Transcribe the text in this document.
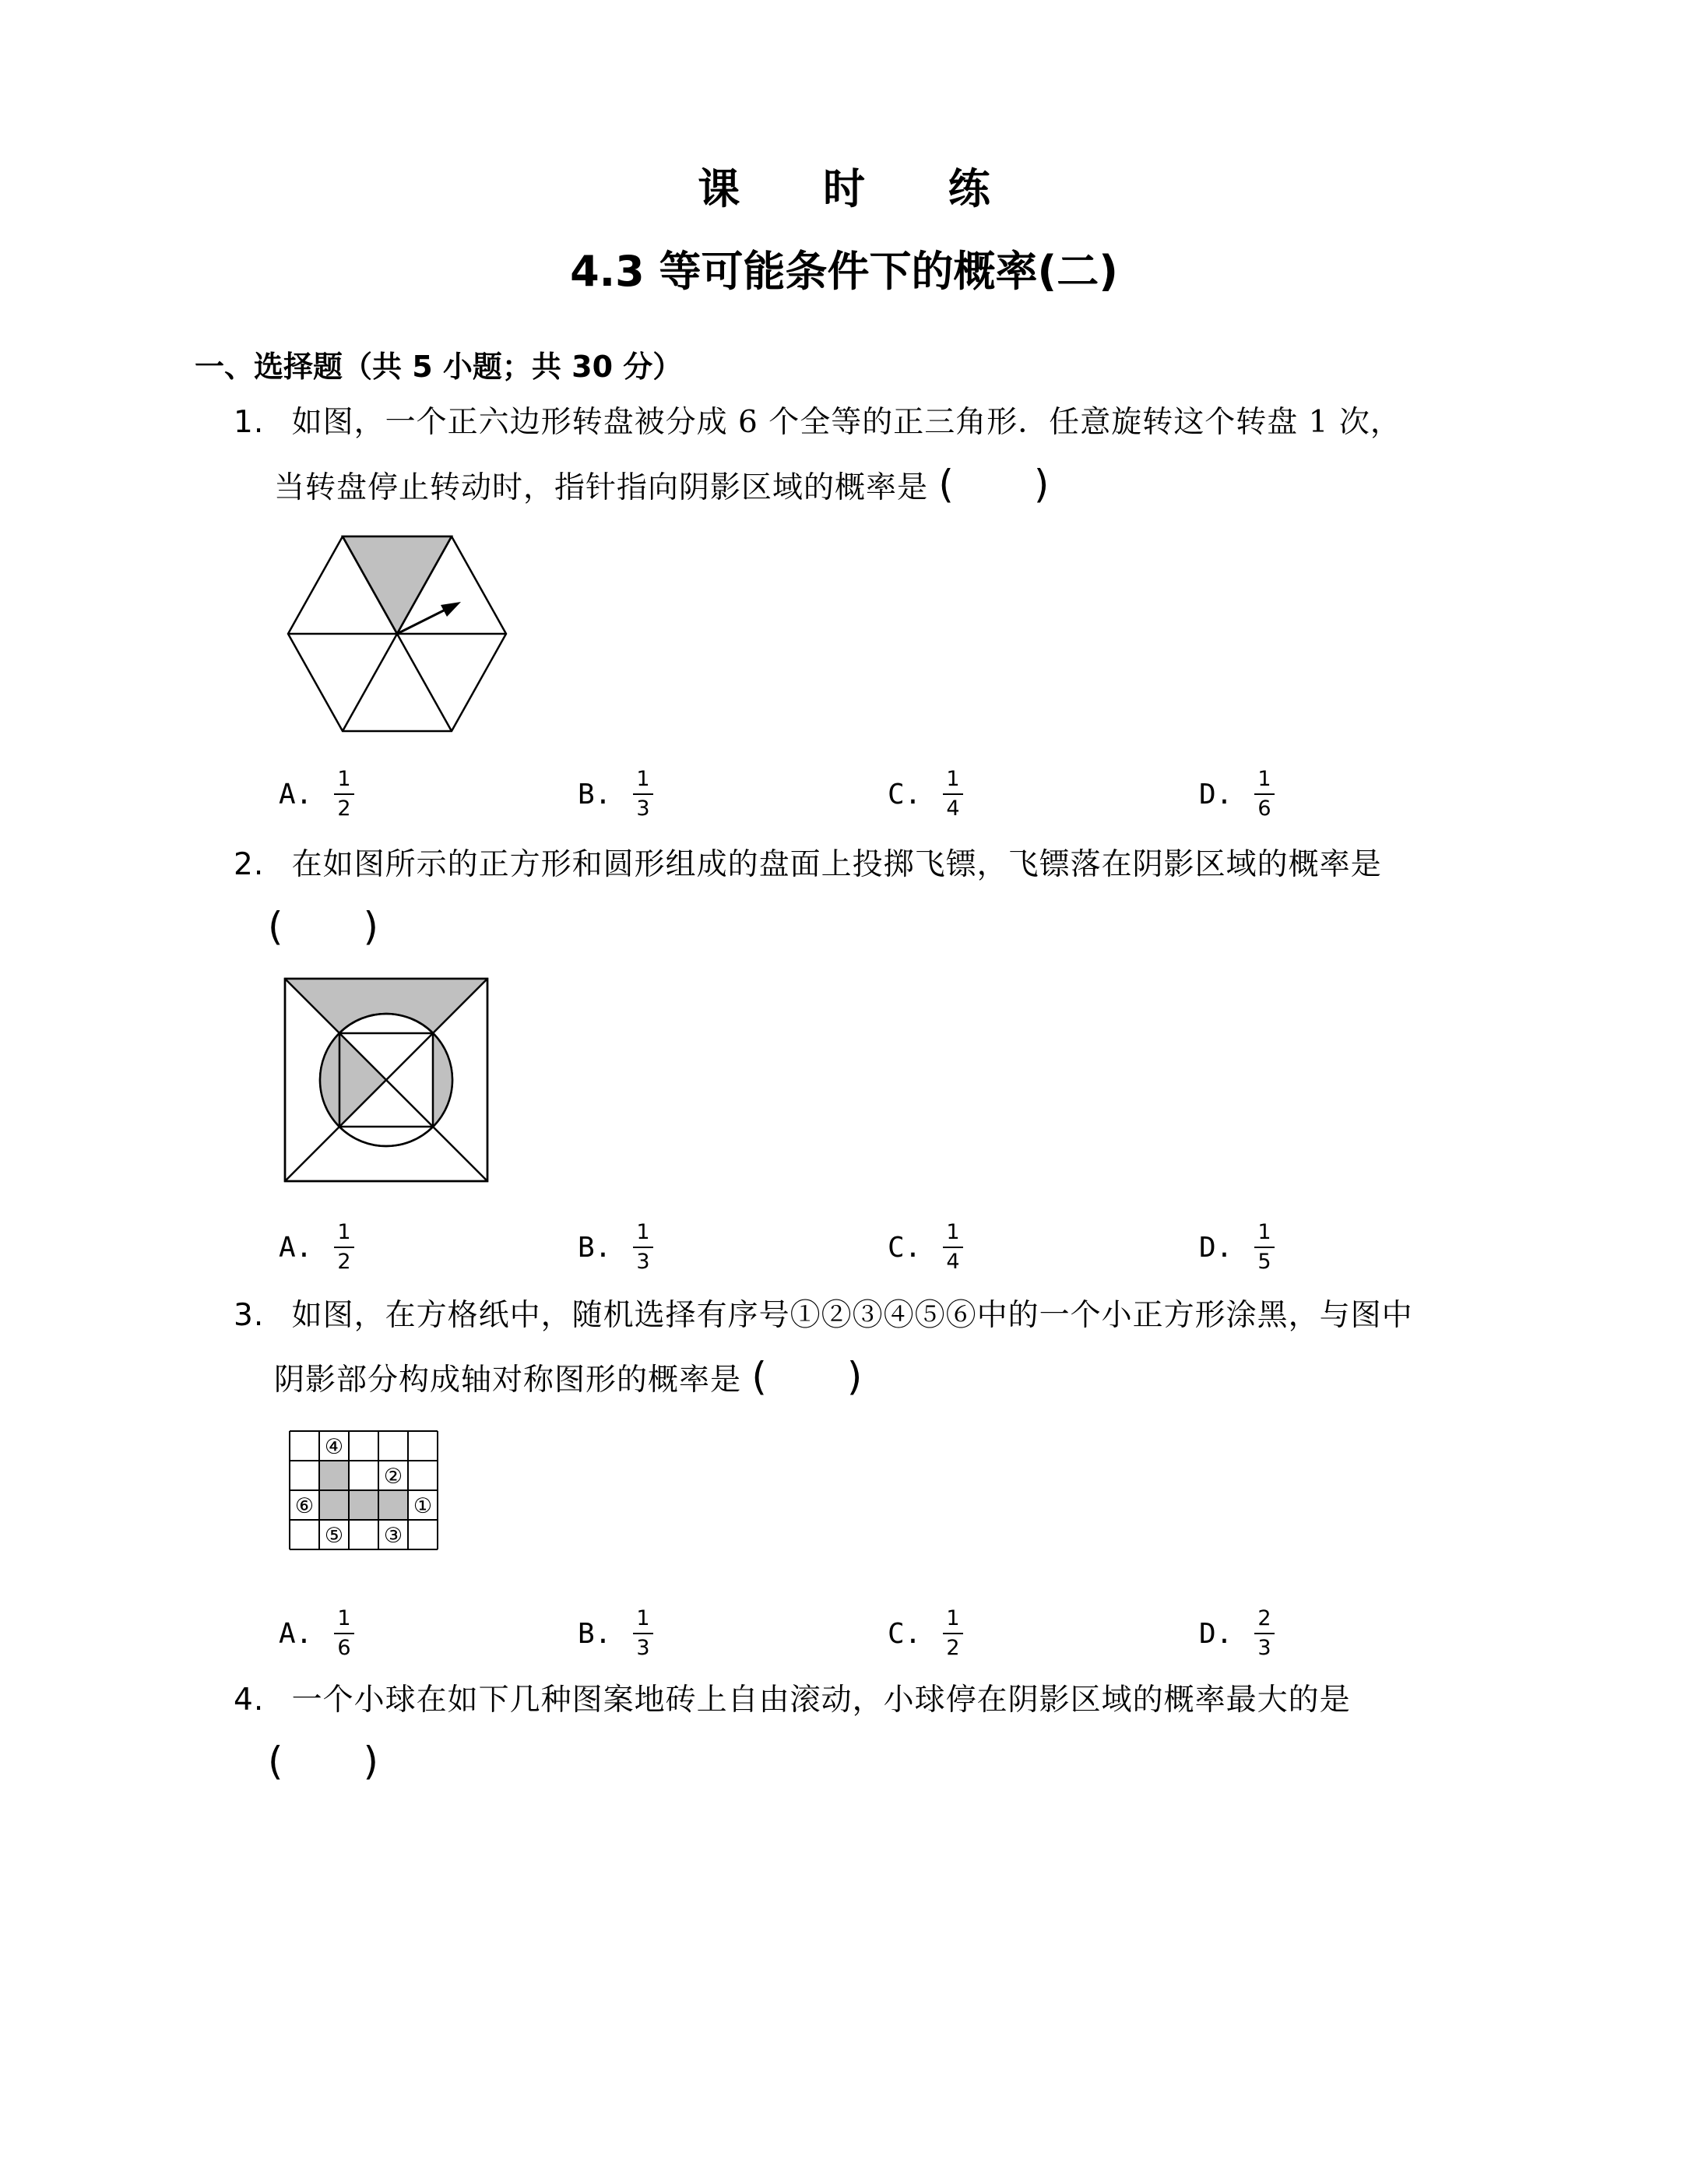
课 时 练
4.3 等可能条件下的概率(二)
一、选择题（共 5 小题；共 30 分）
1. 如图，一个正六边形转盘被分成 6 个全等的正三角形．任意旋转这个转盘 1 次，
当转盘停止转动时，指针指向阴影区域的概率是 (　　)
A. $\frac{1}{2}$	B. $\frac{1}{3}$	C. $\frac{1}{4}$	D. $\frac{1}{6}$
2. 在如图所示的正方形和圆形组成的盘面上投掷飞镖，飞镖落在阴影区域的概率是
(　　)
A. $\frac{1}{2}$	B. $\frac{1}{3}$	C. $\frac{1}{4}$	D. $\frac{1}{5}$
3. 如图，在方格纸中，随机选择有序号①②③④⑤⑥中的一个小正方形涂黑，与图中
阴影部分构成轴对称图形的概率是 (　　)
④
②
⑥	①
⑤ ③
A. $\frac{1}{6}$	B. $\frac{1}{3}$	C. $\frac{1}{2}$	D. $\frac{2}{3}$
4. 一个小球在如下几种图案地砖上自由滚动，小球停在阴影区域的概率最大的是
(　　)
